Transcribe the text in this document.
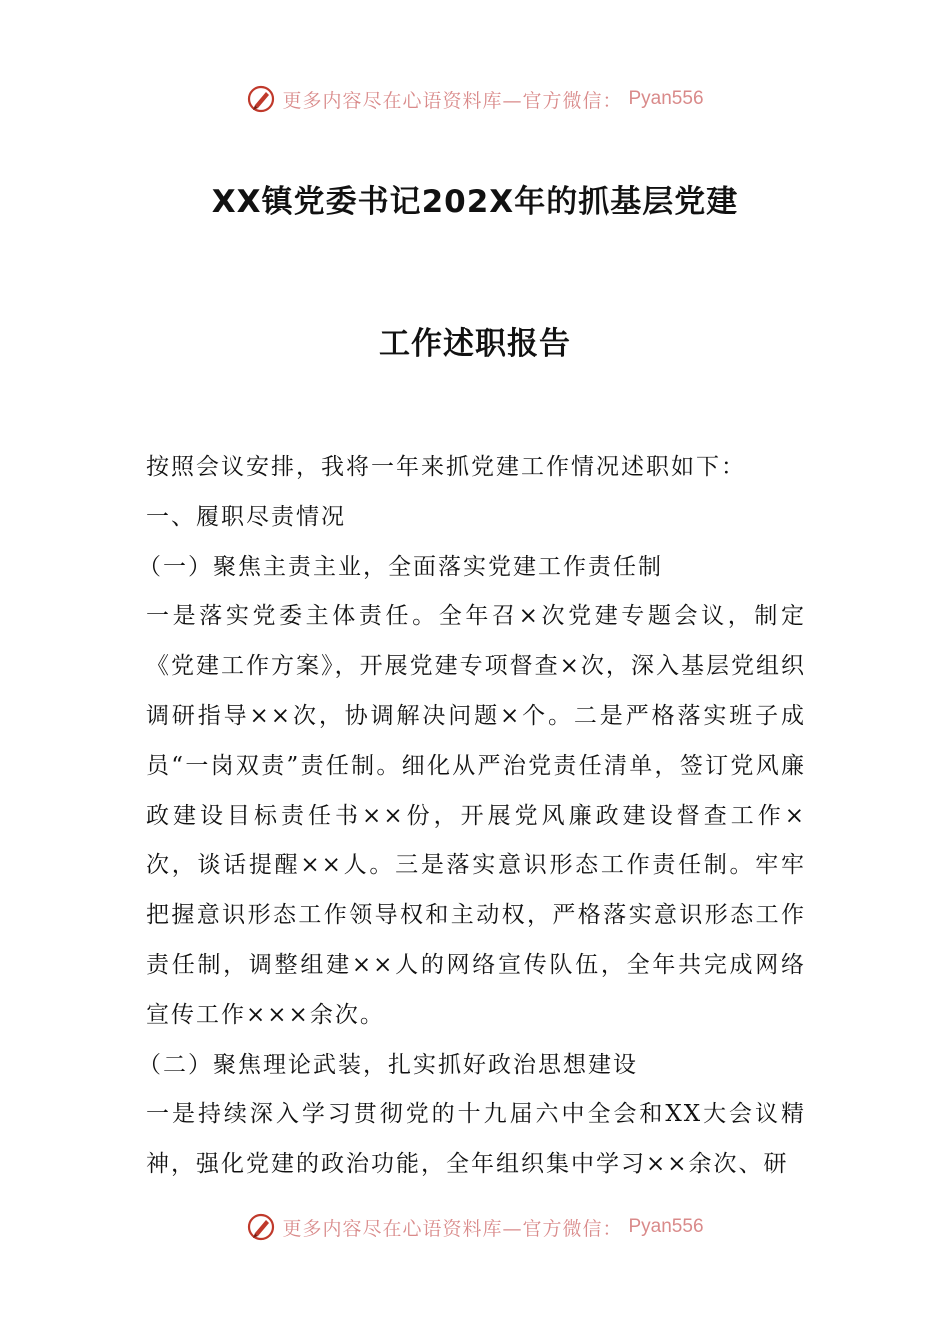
更多内容尽在心语资料库—官方微信： Pyan556
XX镇党委书记202X年的抓基层党建
工作述职报告

按照会议安排，我将一年来抓党建工作情况述职如下：

一、履职尽责情况

（一）聚焦主责主业，全面落实党建工作责任制

一是落实党委主体责任。全年召×次党建专题会议，制定《党建工作方案》，开展党建专项督查×次，深入基层党组织调研指导××次，协调解决问题×个。二是严格落实班子成员“一岗双责”责任制。细化从严治党责任清单，签订党风廉政建设目标责任书××份，开展党风廉政建设督查工作×次，谈话提醒××人。三是落实意识形态工作责任制。牢牢把握意识形态工作领导权和主动权，严格落实意识形态工作责任制，调整组建××人的网络宣传队伍，全年共完成网络宣传工作×××余次。

（二）聚焦理论武装，扎实抓好政治思想建设

一是持续深入学习贯彻党的十九届六中全会和XX大会议精神，强化党建的政治功能，全年组织集中学习××余次、研

更多内容尽在心语资料库—官方微信： Pyan556
